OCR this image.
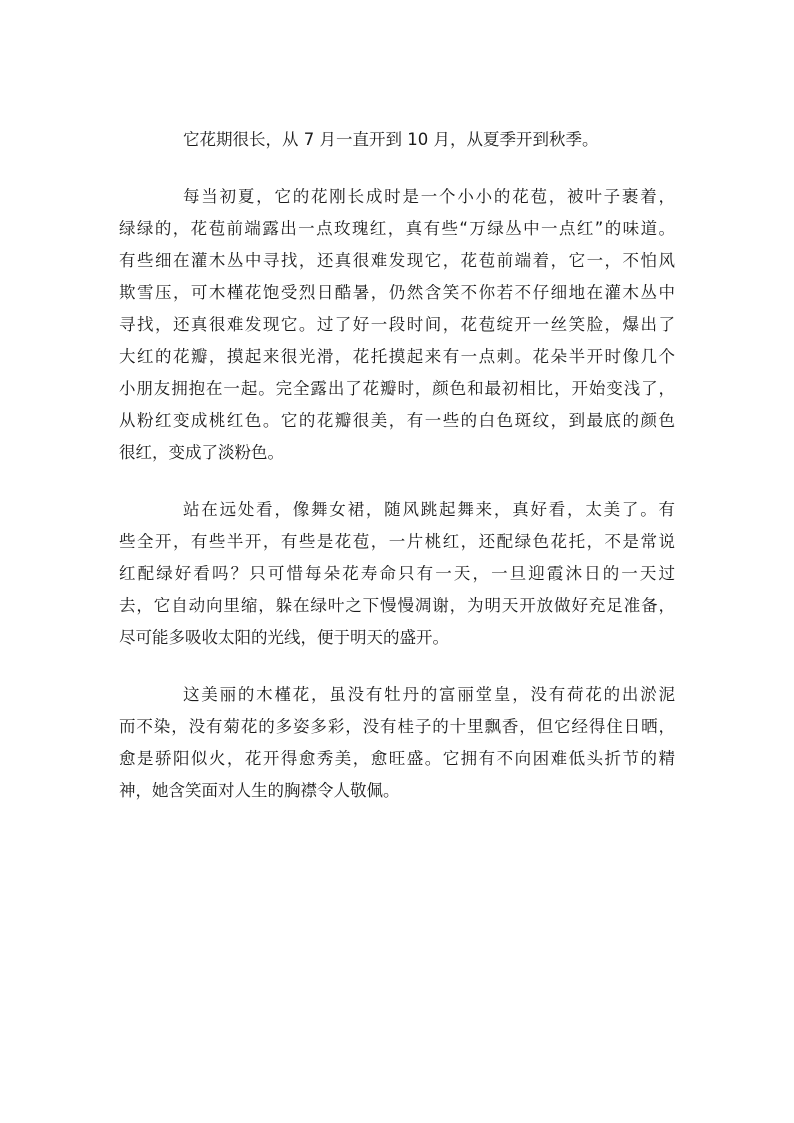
它花期很长，从 7 月一直开到 10 月，从夏季开到秋季。
每当初夏，它的花刚长成时是一个小小的花苞，被叶子裹着，
绿绿的，花苞前端露出一点玫瑰红，真有些“万绿丛中一点红”的味道。
有些细在灌木丛中寻找，还真很难发现它，花苞前端着，它一，不怕风
欺雪压，可木槿花饱受烈日酷暑，仍然含笑不你若不仔细地在灌木丛中
寻找，还真很难发现它。过了好一段时间，花苞绽开一丝笑脸，爆出了
大红的花瓣，摸起来很光滑，花托摸起来有一点刺。花朵半开时像几个
小朋友拥抱在一起。完全露出了花瓣时，颜色和最初相比，开始变浅了，
从粉红变成桃红色。它的花瓣很美，有一些的白色斑纹，到最底的颜色
很红，变成了淡粉色。
站在远处看，像舞女裙，随风跳起舞来，真好看，太美了。有
些全开，有些半开，有些是花苞，一片桃红，还配绿色花托，不是常说
红配绿好看吗？只可惜每朵花寿命只有一天，一旦迎霞沐日的一天过
去，它自动向里缩，躲在绿叶之下慢慢凋谢，为明天开放做好充足准备，
尽可能多吸收太阳的光线，便于明天的盛开。
这美丽的木槿花，虽没有牡丹的富丽堂皇，没有荷花的出淤泥
而不染，没有菊花的多姿多彩，没有桂子的十里飘香，但它经得住日晒，
愈是骄阳似火，花开得愈秀美，愈旺盛。它拥有不向困难低头折节的精
神，她含笑面对人生的胸襟令人敬佩。
